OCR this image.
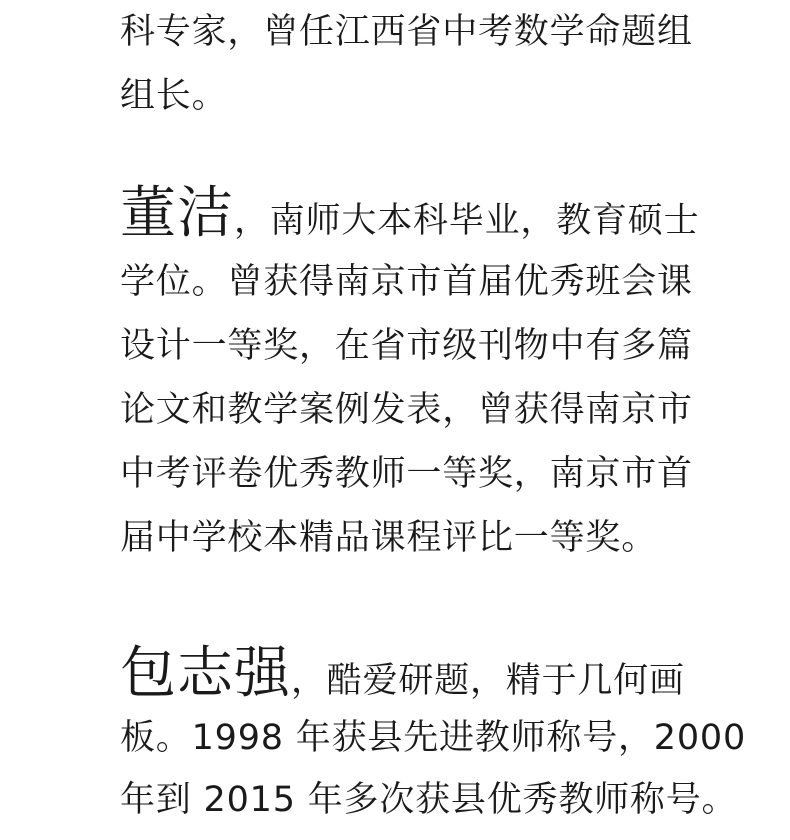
科专家，曾任江西省中考数学命题组
组长。
董洁，南师大本科毕业，教育硕士
学位。曾获得南京市首届优秀班会课
设计一等奖，在省市级刊物中有多篇
论文和教学案例发表，曾获得南京市
中考评卷优秀教师一等奖，南京市首
届中学校本精品课程评比一等奖。
包志强，酷爱研题，精于几何画
板。1998 年获县先进教师称号，2000
年到 2015 年多次获县优秀教师称号。
